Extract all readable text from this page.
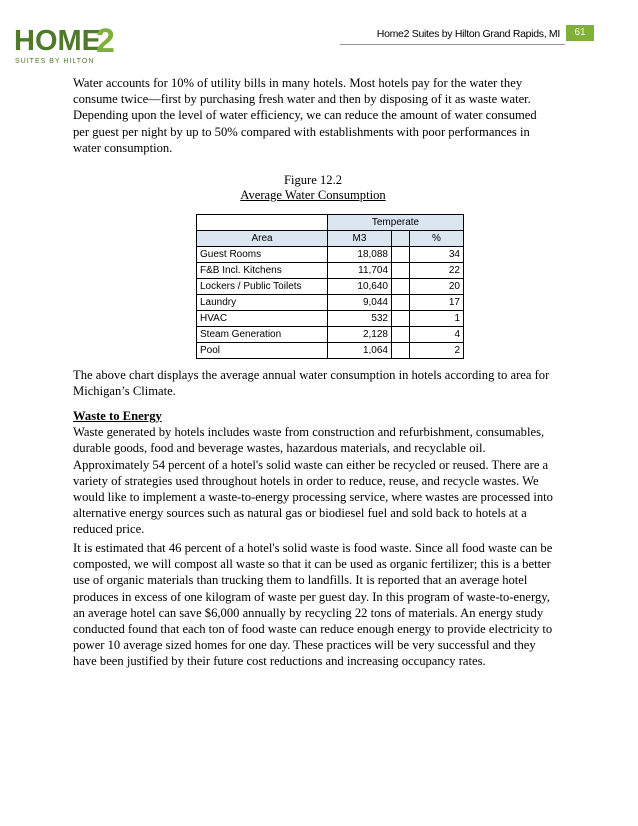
HOME
2
SUITES BY HILTON
Home2 Suites by Hilton Grand Rapids, MI	61

Water accounts for 10% of utility bills in many hotels. Most hotels pay for the water they consume twice—first by purchasing fresh water and then by disposing of it as waste water. Depending upon the level of water efficiency, we can reduce the amount of water consumed per guest per night by up to 50% compared with establishments with poor performances in water consumption.

Figure 12.2
Average Water Consumption
	Temperate		
Area	M3		%
Guest Rooms	18,088		34
F&B Incl. Kitchens	11,704		22
Lockers / Public Toilets	10,640		20
Laundry	9,044		17
HVAC	532		1
Steam Generation	2,128		4
Pool	1,064		2

The above chart displays the average annual water consumption in hotels according to area for Michigan’s Climate.

Waste to Energy
Waste generated by hotels includes waste from construction and refurbishment, consumables, durable goods, food and beverage wastes, hazardous materials, and recyclable oil. Approximately 54 percent of a hotel's solid waste can either be recycled or reused. There are a variety of strategies used throughout hotels in order to reduce, reuse, and recycle wastes. We would like to implement a waste-to-energy processing service, where wastes are processed into alternative energy sources such as natural gas or biodiesel fuel and sold back to hotels at a reduced price.

It is estimated that 46 percent of a hotel's solid waste is food waste. Since all food waste can be composted, we will compost all waste so that it can be used as organic fertilizer; this is a better use of organic materials than trucking them to landfills. It is reported that an average hotel produces in excess of one kilogram of waste per guest day. In this program of waste-to-energy, an average hotel can save $6,000 annually by recycling 22 tons of materials. An energy study conducted found that each ton of food waste can reduce enough energy to provide electricity to power 10 average sized homes for one day. These practices will be very successful and they have been justified by their future cost reductions and increasing occupancy rates.
